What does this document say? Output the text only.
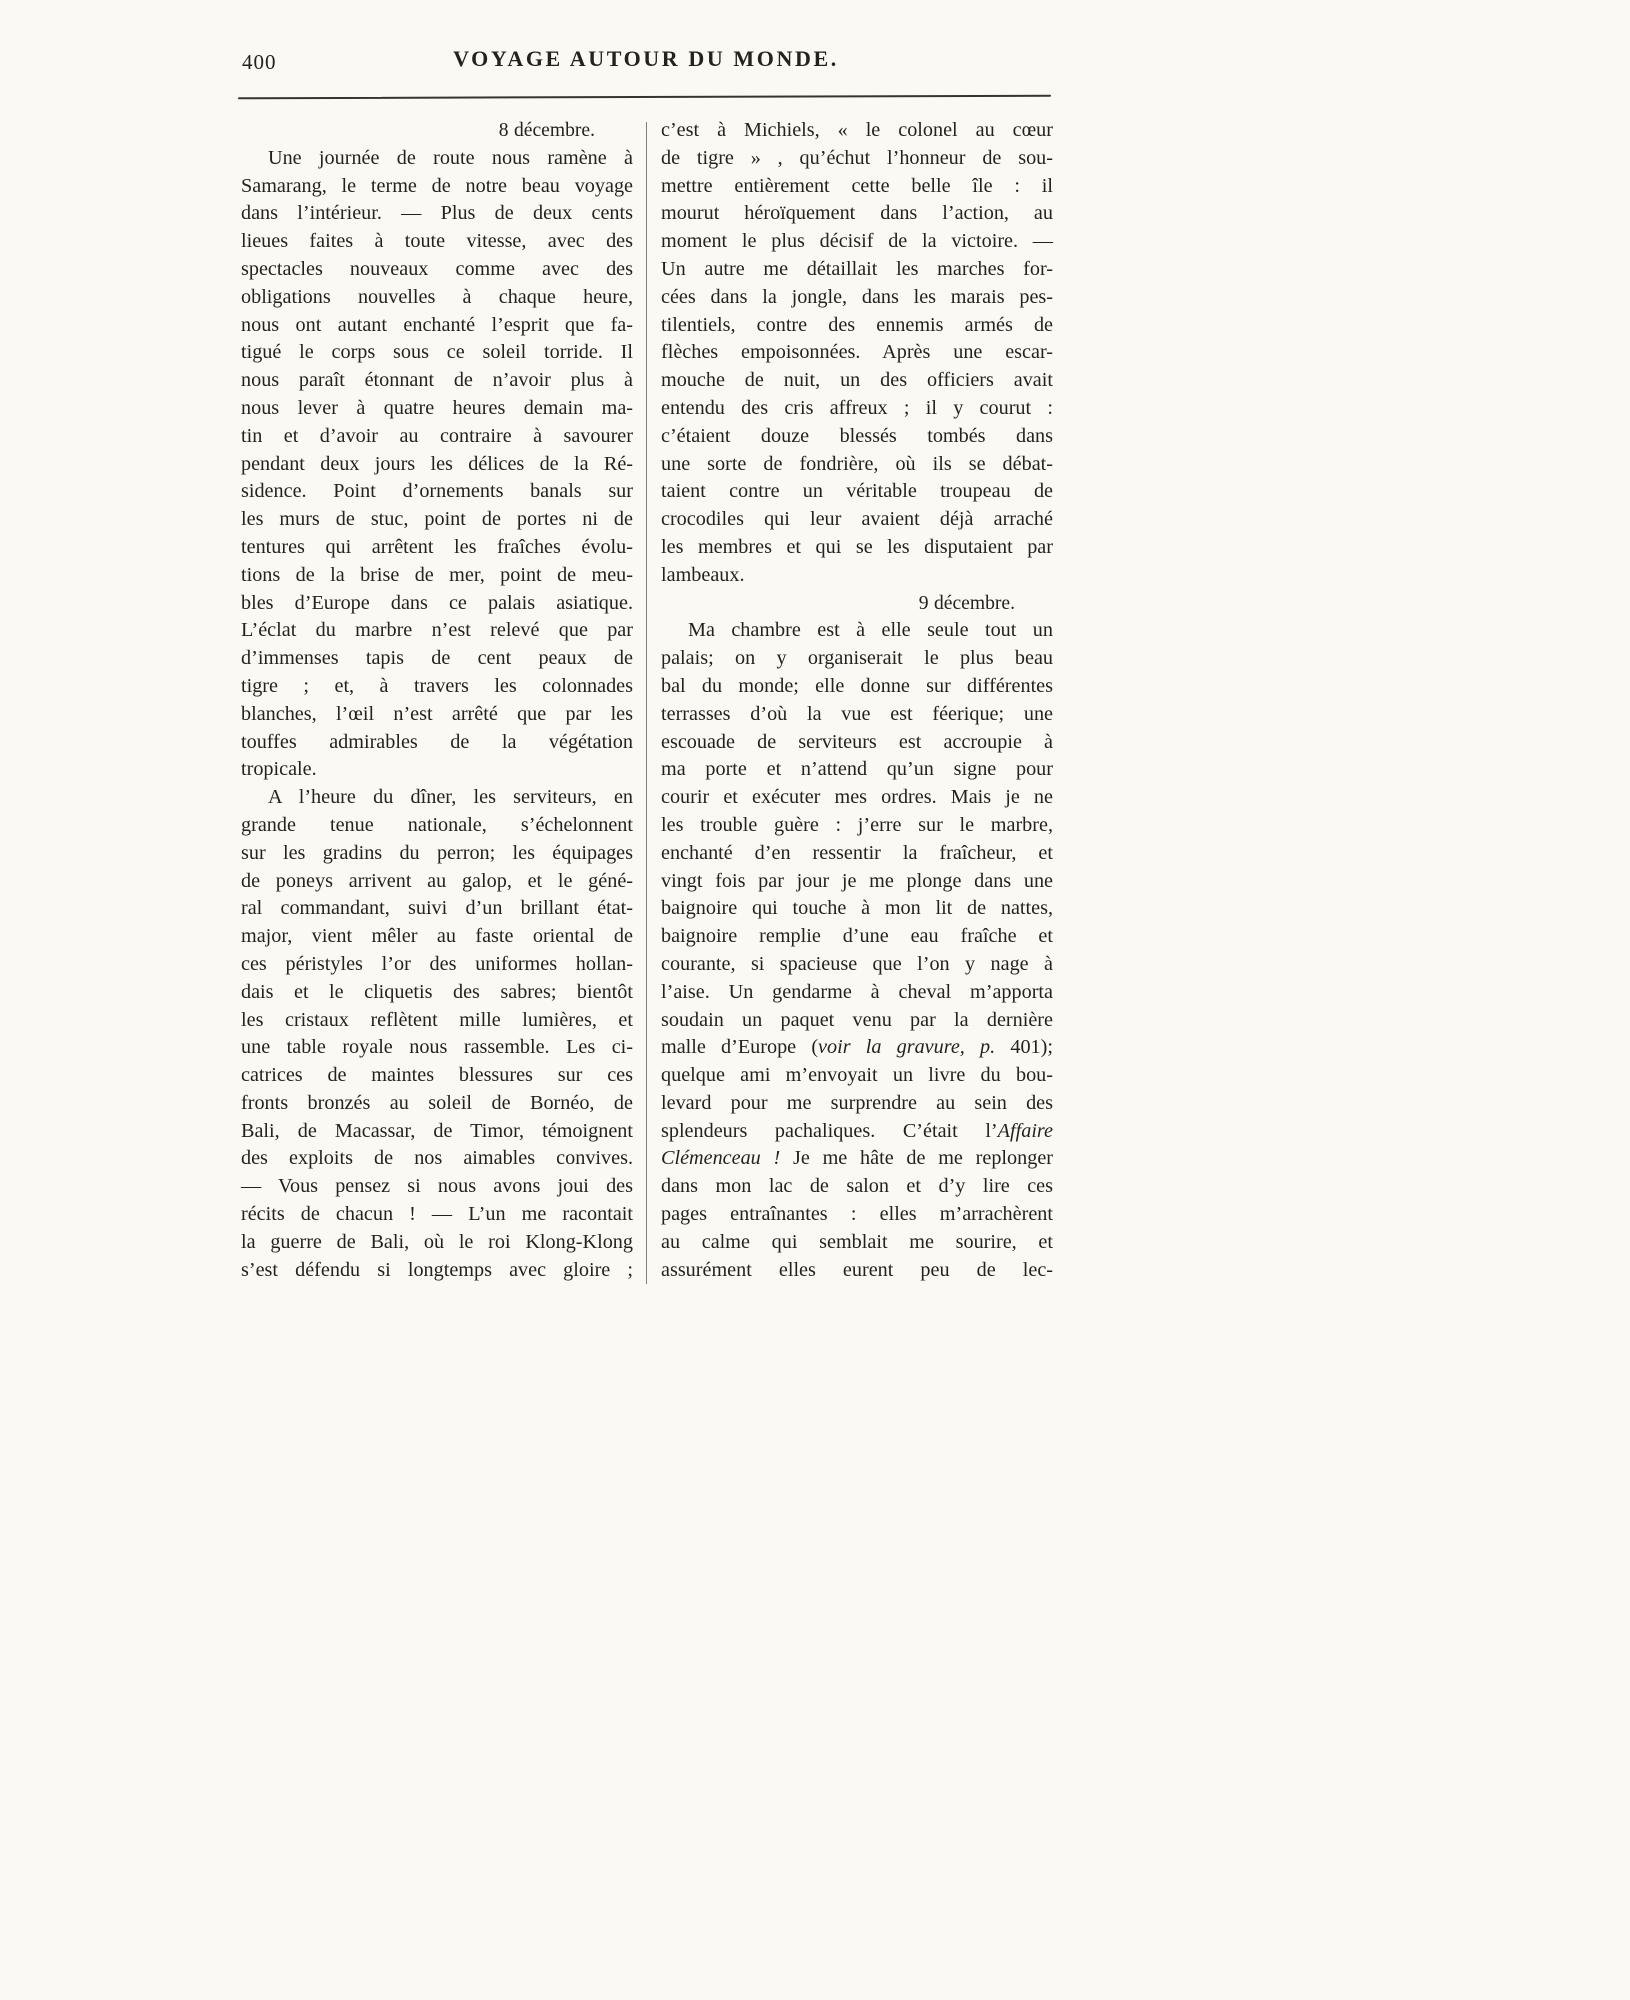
400	VOYAGE AUTOUR DU MONDE.
8 décembre.
Une journée de route nous ramène à
Samarang, le terme de notre beau voyage
dans l’intérieur. — Plus de deux cents
lieues faites à toute vitesse, avec des
spectacles nouveaux comme avec des
obligations nouvelles à chaque heure,
nous ont autant enchanté l’esprit que fa-
tigué le corps sous ce soleil torride. Il
nous paraît étonnant de n’avoir plus à
nous lever à quatre heures demain ma-
tin et d’avoir au contraire à savourer
pendant deux jours les délices de la Ré-
sidence. Point d’ornements banals sur
les murs de stuc, point de portes ni de
tentures qui arrêtent les fraîches évolu-
tions de la brise de mer, point de meu-
bles d’Europe dans ce palais asiatique.
L’éclat du marbre n’est relevé que par
d’immenses tapis de cent peaux de
tigre ; et, à travers les colonnades
blanches, l’œil n’est arrêté que par les
touffes admirables de la végétation
tropicale.
A l’heure du dîner, les serviteurs, en
grande tenue nationale, s’échelonnent
sur les gradins du perron; les équipages
de poneys arrivent au galop, et le géné-
ral commandant, suivi d’un brillant état-
major, vient mêler au faste oriental de
ces péristyles l’or des uniformes hollan-
dais et le cliquetis des sabres; bientôt
les cristaux reflètent mille lumières, et
une table royale nous rassemble. Les ci-
catrices de maintes blessures sur ces
fronts bronzés au soleil de Bornéo, de
Bali, de Macassar, de Timor, témoignent
des exploits de nos aimables convives.
— Vous pensez si nous avons joui des
récits de chacun ! — L’un me racontait
la guerre de Bali, où le roi Klong-Klong
s’est défendu si longtemps avec gloire ;
c’est à Michiels, « le colonel au cœur
de tigre » , qu’échut l’honneur de sou-
mettre entièrement cette belle île : il
mourut héroïquement dans l’action, au
moment le plus décisif de la victoire. —
Un autre me détaillait les marches for-
cées dans la jongle, dans les marais pes-
tilentiels, contre des ennemis armés de
flèches empoisonnées. Après une escar-
mouche de nuit, un des officiers avait
entendu des cris affreux ; il y courut :
c’étaient douze blessés tombés dans
une sorte de fondrière, où ils se débat-
taient contre un véritable troupeau de
crocodiles qui leur avaient déjà arraché
les membres et qui se les disputaient par
lambeaux.
9 décembre.
Ma chambre est à elle seule tout un
palais; on y organiserait le plus beau
bal du monde; elle donne sur différentes
terrasses d’où la vue est féerique; une
escouade de serviteurs est accroupie à
ma porte et n’attend qu’un signe pour
courir et exécuter mes ordres. Mais je ne
les trouble guère : j’erre sur le marbre,
enchanté d’en ressentir la fraîcheur, et
vingt fois par jour je me plonge dans une
baignoire qui touche à mon lit de nattes,
baignoire remplie d’une eau fraîche et
courante, si spacieuse que l’on y nage à
l’aise. Un gendarme à cheval m’apporta
soudain un paquet venu par la dernière
malle d’Europe (voir la gravure, p. 401);
quelque ami m’envoyait un livre du bou-
levard pour me surprendre au sein des
splendeurs pachaliques. C’était l’Affaire
Clémenceau ! Je me hâte de me replonger
dans mon lac de salon et d’y lire ces
pages entraînantes : elles m’arrachèrent
au calme qui semblait me sourire, et
assurément elles eurent peu de lec-
